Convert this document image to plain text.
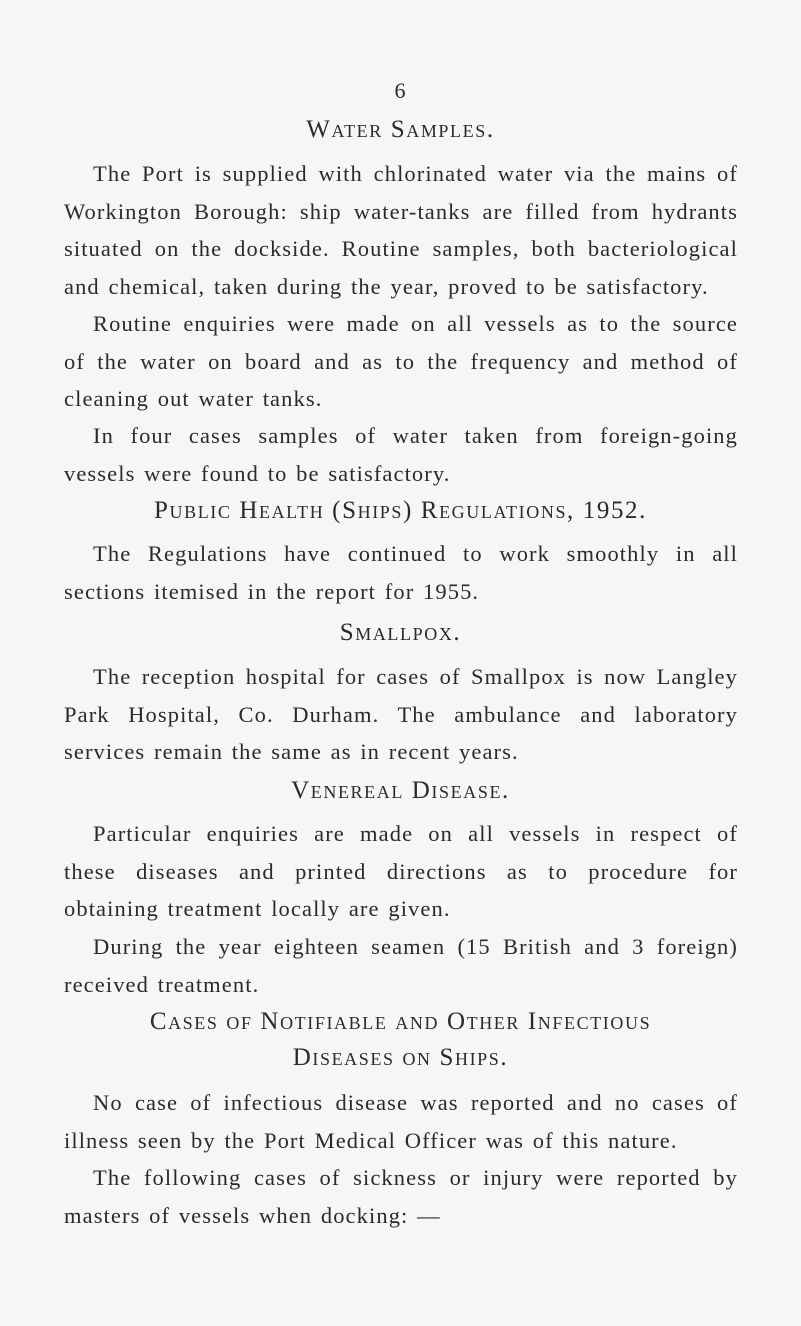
6
Water Samples.
The Port is supplied with chlorinated water via the mains of Workington Borough: ship water-tanks are filled from hydrants situated on the dockside. Routine samples, both bacteriological and chemical, taken during the year, proved to be satisfactory.
Routine enquiries were made on all vessels as to the source of the water on board and as to the frequency and method of cleaning out water tanks.
In four cases samples of water taken from foreign-going vessels were found to be satisfactory.
Public Health (Ships) Regulations, 1952.
The Regulations have continued to work smoothly in all sections itemised in the report for 1955.
Smallpox.
The reception hospital for cases of Smallpox is now Langley Park Hospital, Co. Durham. The ambulance and laboratory services remain the same as in recent years.
Venereal Disease.
Particular enquiries are made on all vessels in respect of these diseases and printed directions as to procedure for obtaining treatment locally are given.
During the year eighteen seamen (15 British and 3 foreign) received treatment.
Cases of Notifiable and Other Infectious
Diseases on Ships.
No case of infectious disease was reported and no cases of illness seen by the Port Medical Officer was of this nature.
The following cases of sickness or injury were reported by masters of vessels when docking: —
